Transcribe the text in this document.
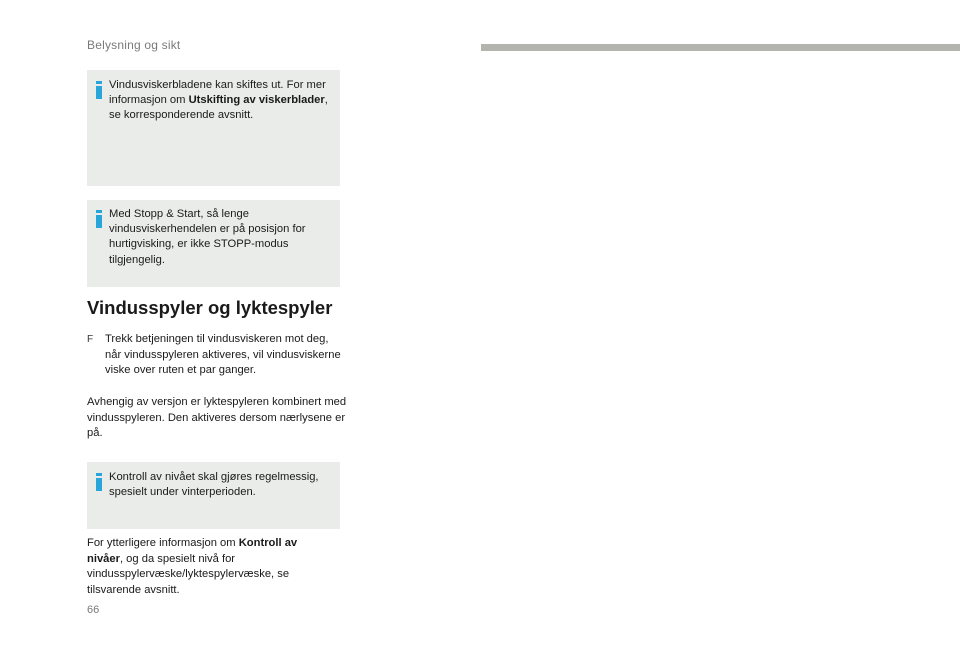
Belysning og sikt
Vindusviskerbladene kan skiftes ut. For mer informasjon om Utskifting av viskerblader, se korresponderende avsnitt.
Med Stopp & Start, så lenge vindusviskerhendelen er på posisjon for hurtigvisking, er ikke STOPP-modus tilgjengelig.
Vindusspyler og lyktespyler
F	Trekk betjeningen til vindusviskeren mot deg, når vindusspyleren aktiveres, vil vindusviskerne viske over ruten et par ganger.
Avhengig av versjon er lyktespyleren kombinert med vindusspyleren. Den aktiveres dersom nærlysene er på.
Kontroll av nivået skal gjøres regelmessig, spesielt under vinterperioden.
For ytterligere informasjon om Kontroll av nivåer, og da spesielt nivå for vindusspylervæske/lyktespylervæske, se tilsvarende avsnitt.
66
